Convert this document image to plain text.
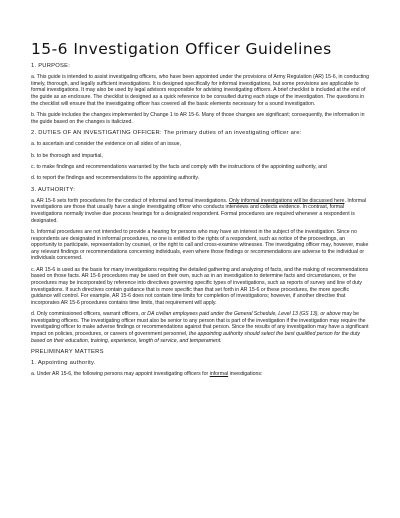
15-6 Investigation Officer Guidelines

1. PURPOSE:

a. This guide is intended to assist investigating officers, who have been appointed under the provisions of Army Regulation (AR) 15-6, in conducting timely, thorough, and legally sufficient investigations. It is designed specifically for informal investigations, but some provisions are applicable to formal investigations. It may also be used by legal advisors responsible for advising investigating officers. A brief checklist is included at the end of the guide as an enclosure. The checklist is designed as a quick reference to be consulted during each stage of the investigation. The questions in the checklist will ensure that the investigating officer has covered all the basic elements necessary for a sound investigation.

b. This guide includes the changes implemented by Change 1 to AR 15-6. Many of those changes are significant; consequently, the information in the guide based on the changes is italicized.

2. DUTIES OF AN INVESTIGATING OFFICER: The primary duties of an investigating officer are:

a. to ascertain and consider the evidence on all sides of an issue,

b. to be thorough and impartial,

c. to make findings and recommendations warranted by the facts and comply with the instructions of the appointing authority, and

d. to report the findings and recommendations to the appointing authority.

3. AUTHORITY:

a. AR 15-6 sets forth procedures for the conduct of informal and formal investigations. Only informal investigations will be discussed here. Informal investigations are those that usually have a single investigating officer who conducts interviews and collects evidence. In contrast, formal investigations normally involve due process hearings for a designated respondent. Formal procedures are required whenever a respondent is designated.

b. Informal procedures are not intended to provide a hearing for persons who may have an interest in the subject of the investigation. Since no respondents are designated in informal procedures, no one is entitled to the rights of a respondent, such as notice of the proceedings, an opportunity to participate, representation by counsel, or the right to call and cross-examine witnesses. The investigating officer may, however, make any relevant findings or recommendations concerning individuals, even where those findings or recommendations are adverse to the individual or individuals concerned.

c. AR 15-6 is used as the basis for many investigations requiring the detailed gathering and analyzing of facts, and the making of recommendations based on those facts. AR 15-6 procedures may be used on their own, such as in an investigation to determine facts and circumstances, or the procedures may be incorporated by reference into directives governing specific types of investigations, such as reports of survey and line of duty investigations. If such directives contain guidance that is more specific than that set forth in AR 15-6 or these procedures, the more specific guidance will control. For example, AR 15-6 does not contain time limits for completion of investigations; however, if another directive that incorporates AR 15-6 procedures contains time limits, that requirement will apply.

d. Only commissioned officers, warrant officers, or DA civilian employees paid under the General Schedule, Level 13 (GS 13), or above may be investigating officers. The investigating officer must also be senior to any person that is part of the investigation if the investigation may require the investigating officer to make adverse findings or recommendations against that person. Since the results of any investigation may have a significant impact on policies, procedures, or careers of government personnel, the appointing authority should select the best qualified person for the duty based on their education, training, experience, length of service, and temperament.

PRELIMINARY MATTERS

1. Appointing authority.

a. Under AR 15-6, the following persons may appoint investigating officers for informal investigations:
